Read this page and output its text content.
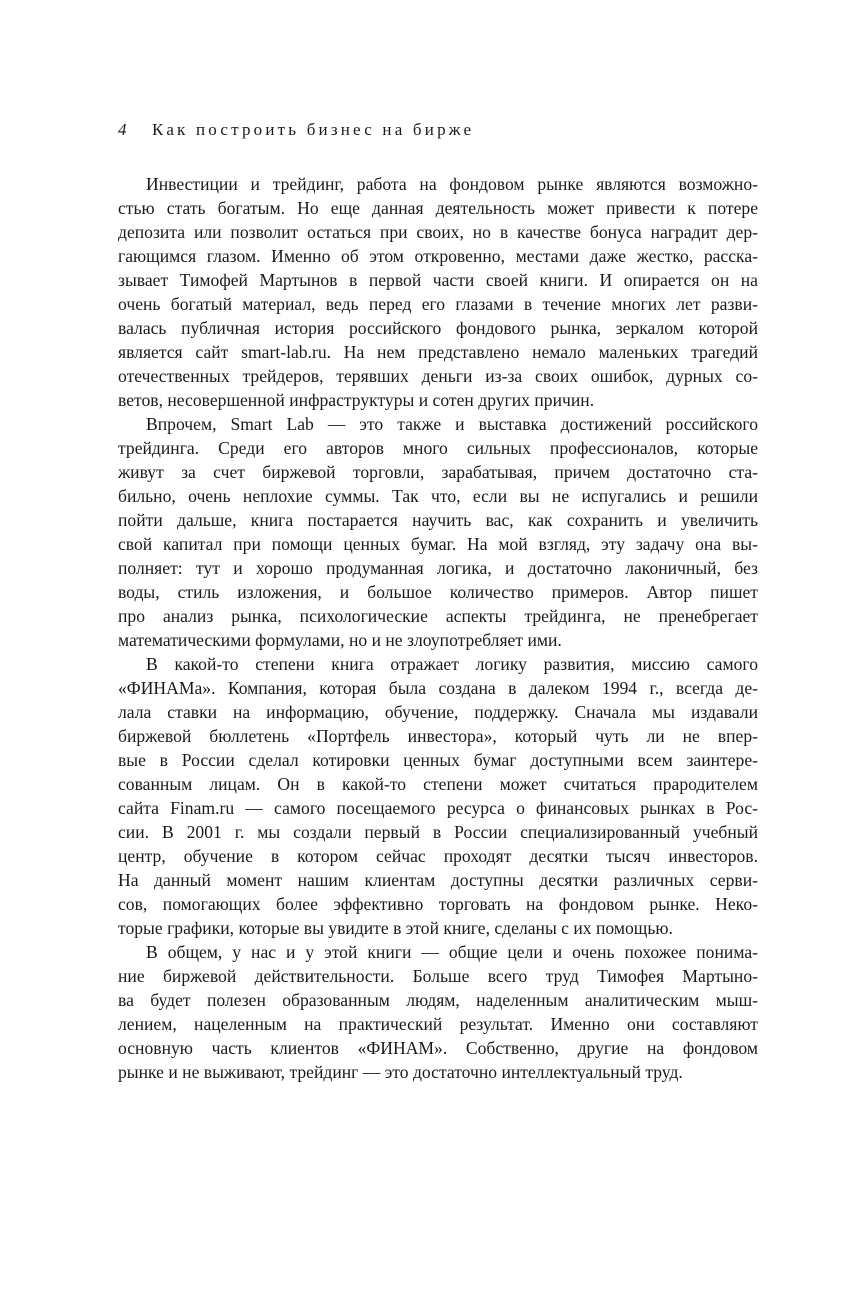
4	Как построить бизнес на бирже

Инвестиции и трейдинг, работа на фондовом рынке являются возможно-
стью стать богатым. Но еще данная деятельность может привести к потере
депозита или позволит остаться при своих, но в качестве бонуса наградит дер-
гающимся глазом. Именно об этом откровенно, местами даже жестко, расска-
зывает Тимофей Мартынов в первой части своей книги. И опирается он на
очень богатый материал, ведь перед его глазами в течение многих лет разви-
валась публичная история российского фондового рынка, зеркалом которой
является сайт smart-lab.ru. На нем представлено немало маленьких трагедий
отечественных трейдеров, терявших деньги из-за своих ошибок, дурных со-
ветов, несовершенной инфраструктуры и сотен других причин.

Впрочем, Smart Lab — это также и выставка достижений российского
трейдинга. Среди его авторов много сильных профессионалов, которые
живут за счет биржевой торговли, зарабатывая, причем достаточно ста-
бильно, очень неплохие суммы. Так что, если вы не испугались и решили
пойти дальше, книга постарается научить вас, как сохранить и увеличить
свой капитал при помощи ценных бумаг. На мой взгляд, эту задачу она вы-
полняет: тут и хорошо продуманная логика, и достаточно лаконичный, без
воды, стиль изложения, и большое количество примеров. Автор пишет
про анализ рынка, психологические аспекты трейдинга, не пренебрегает
математическими формулами, но и не злоупотребляет ими.

В какой-то степени книга отражает логику развития, миссию самого
«ФИНАМа». Компания, которая была создана в далеком 1994 г., всегда де-
лала ставки на информацию, обучение, поддержку. Сначала мы издавали
биржевой бюллетень «Портфель инвестора», который чуть ли не впер-
вые в России сделал котировки ценных бумаг доступными всем заинтере-
сованным лицам. Он в какой-то степени может считаться прародителем
сайта Finam.ru — самого посещаемого ресурса о финансовых рынках в Рос-
сии. В 2001 г. мы создали первый в России специализированный учебный
центр, обучение в котором сейчас проходят десятки тысяч инвесторов.
На данный момент нашим клиентам доступны десятки различных серви-
сов, помогающих более эффективно торговать на фондовом рынке. Неко-
торые графики, которые вы увидите в этой книге, сделаны с их помощью.

В общем, у нас и у этой книги — общие цели и очень похожее понима-
ние биржевой действительности. Больше всего труд Тимофея Мартыно-
ва будет полезен образованным людям, наделенным аналитическим мыш-
лением, нацеленным на практический результат. Именно они составляют
основную часть клиентов «ФИНАМ». Собственно, другие на фондовом
рынке и не выживают, трейдинг — это достаточно интеллектуальный труд.
